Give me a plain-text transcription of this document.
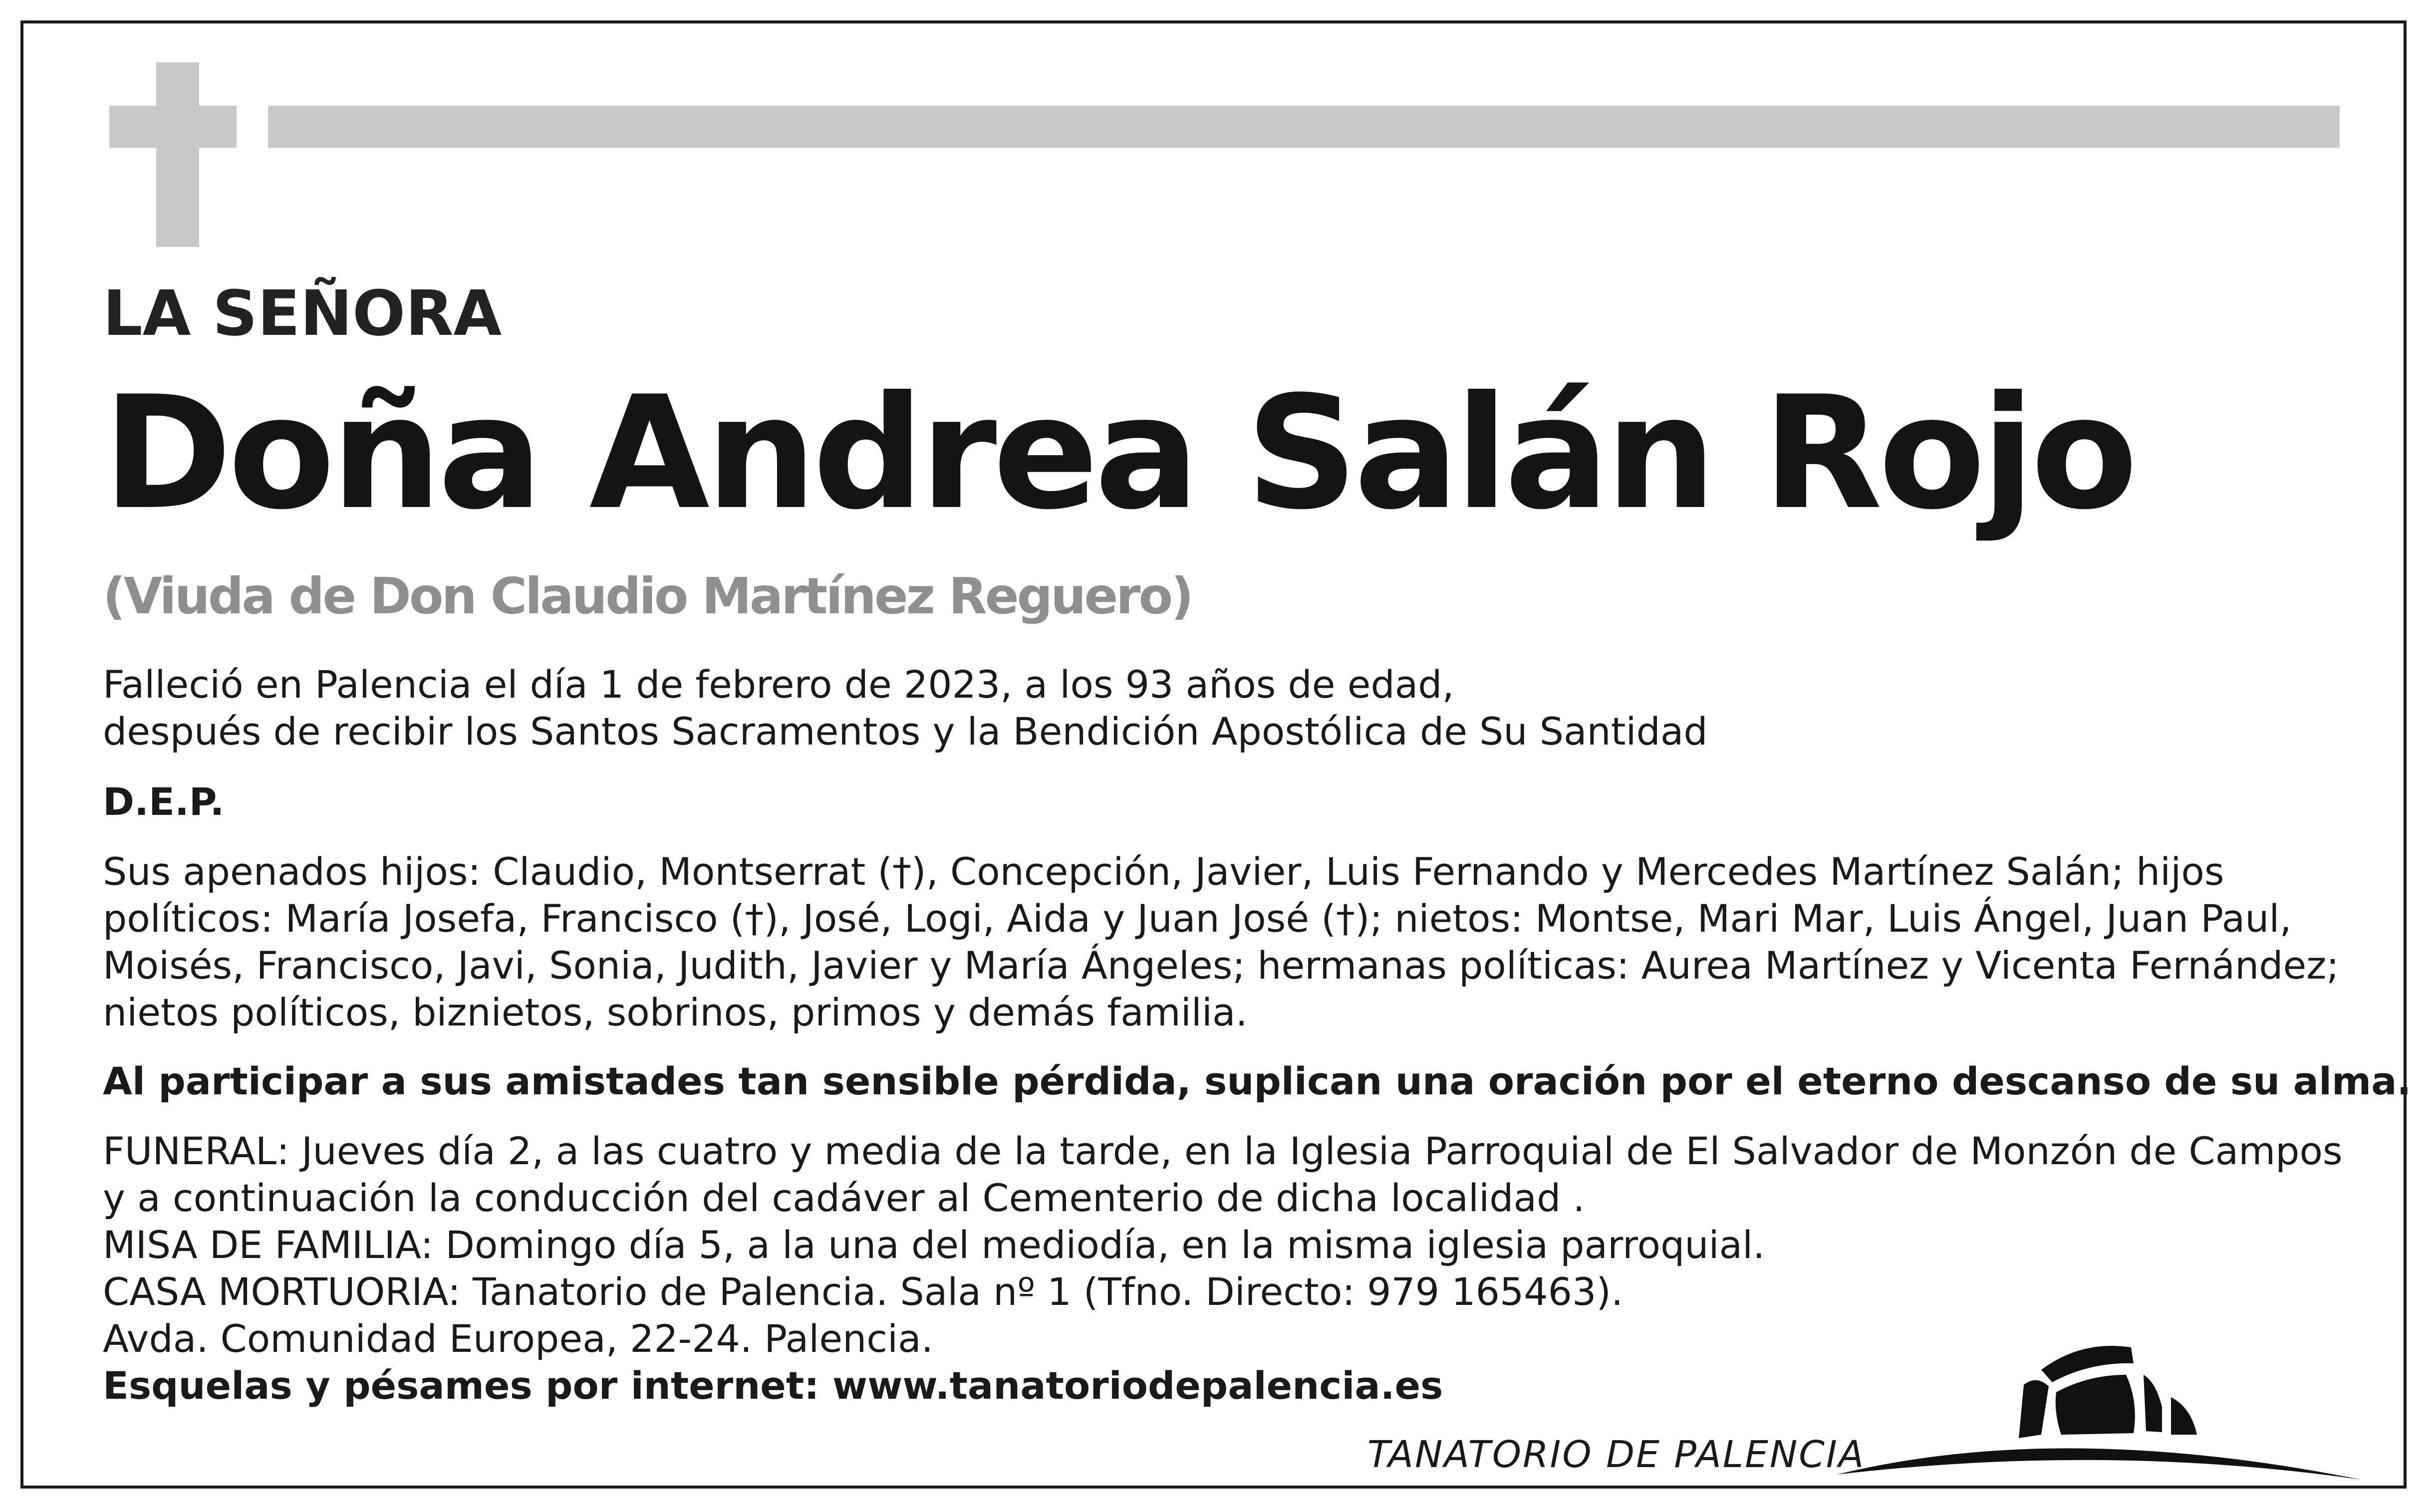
LA SEÑORA
Doña Andrea Salán Rojo
(Viuda de Don Claudio Martínez Reguero)
Falleció en Palencia el día 1 de febrero de 2023, a los 93 años de edad,
después de recibir los Santos Sacramentos y la Bendición Apostólica de Su Santidad
D.E.P.
Sus apenados hijos: Claudio, Montserrat (†), Concepción, Javier, Luis Fernando y Mercedes Martínez Salán; hijos
políticos: María Josefa, Francisco (†), José, Logi, Aida y Juan José (†); nietos: Montse, Mari Mar, Luis Ángel, Juan Paul,
Moisés, Francisco, Javi, Sonia, Judith, Javier y María Ángeles; hermanas políticas: Aurea Martínez y Vicenta Fernández;
nietos políticos, biznietos, sobrinos, primos y demás familia.
Al participar a sus amistades tan sensible pérdida, suplican una oración por el eterno descanso de su alma.
FUNERAL: Jueves día 2, a las cuatro y media de la tarde, en la Iglesia Parroquial de El Salvador de Monzón de Campos
y a continuación la conducción del cadáver al Cementerio de dicha localidad .
MISA DE FAMILIA: Domingo día 5, a la una del mediodía, en la misma iglesia parroquial.
CASA MORTUORIA: Tanatorio de Palencia. Sala nº 1 (Tfno. Directo: 979 165463).
Avda. Comunidad Europea, 22-24. Palencia.
Esquelas y pésames por internet: www.tanatoriodepalencia.es
TANATORIO DE PALENCIA
